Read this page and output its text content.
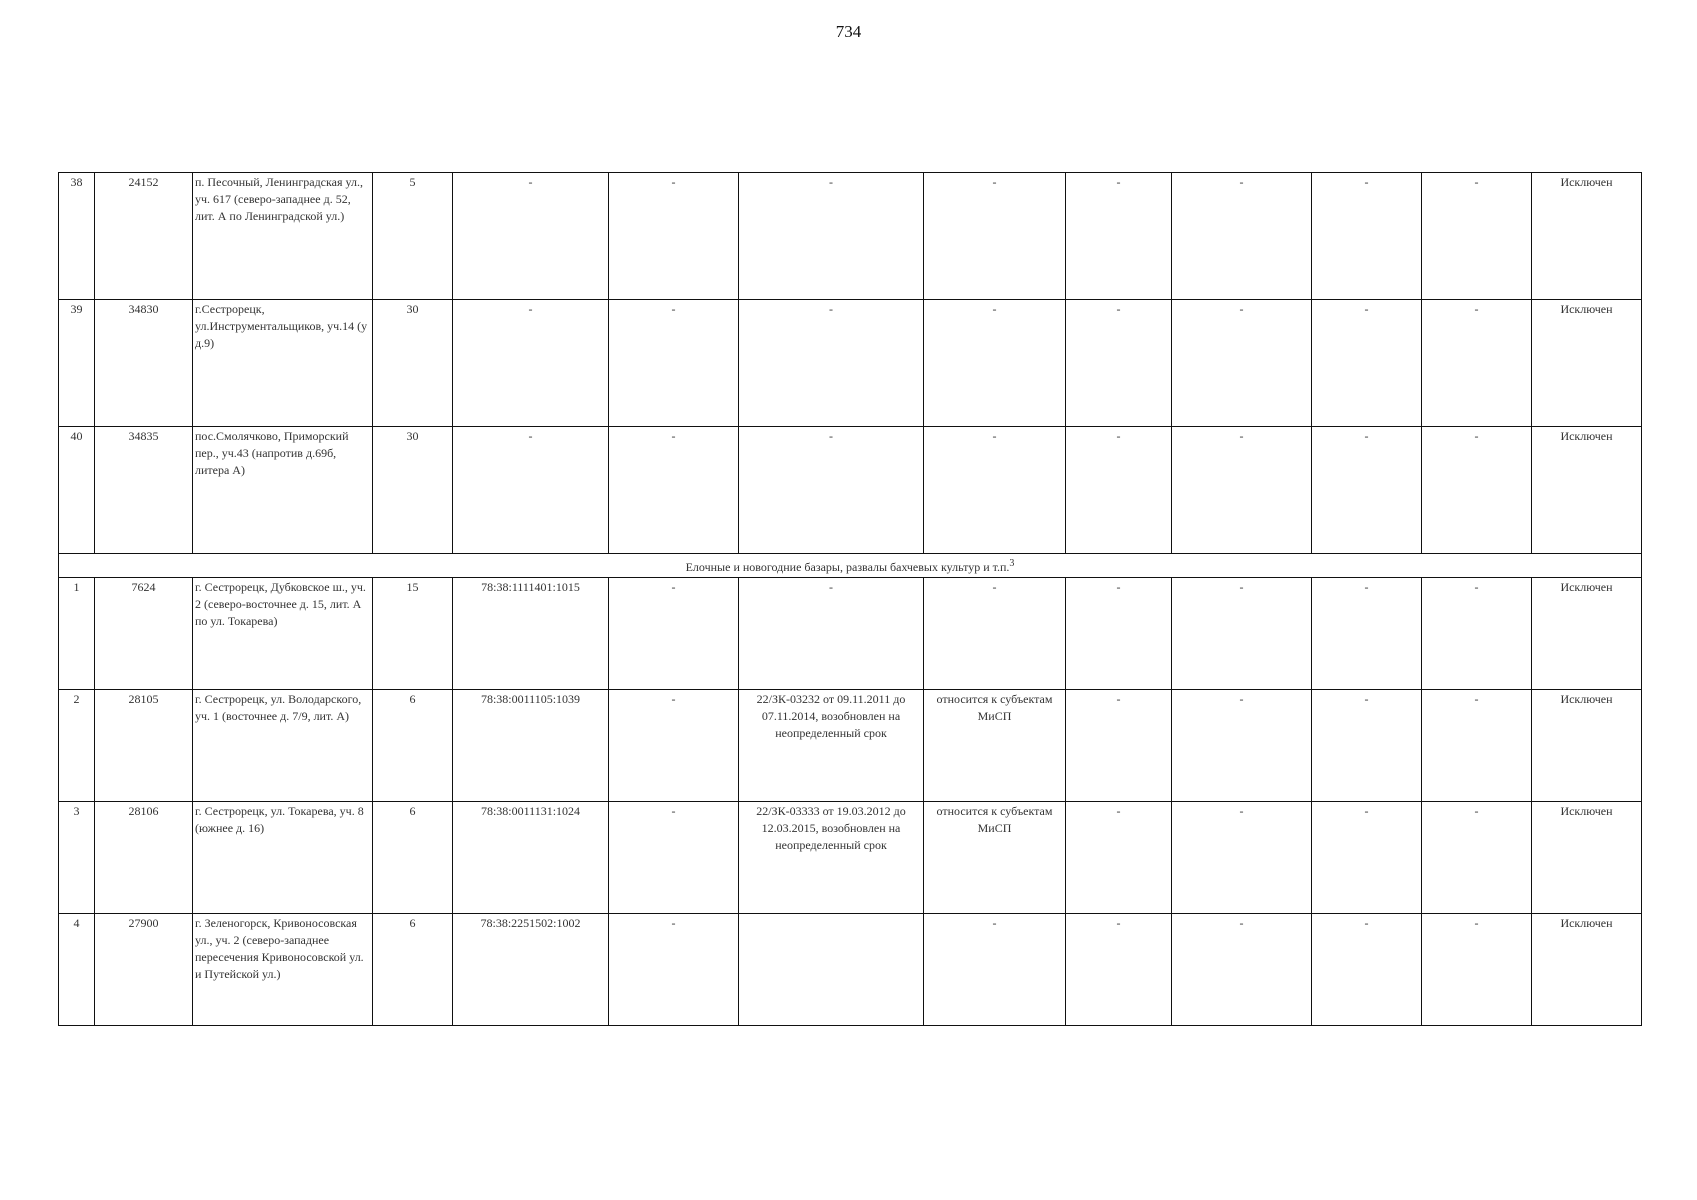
734
38	24152	п. Песочный, Ленинградская ул., уч. 617 (северо-западнее д. 52, лит. А по Ленинградской ул.)	5	-	-	-	-	-	-	-	-	Исключен
39	34830	г.Сестрорецк, ул.Инструментальщиков, уч.14 (у д.9)	30	-	-	-	-	-	-	-	-	Исключен
40	34835	пос.Смолячково, Приморский пер., уч.43 (напротив д.69б, литера А)	30	-	-	-	-	-	-	-	-	Исключен
Елочные и новогодние базары, развалы бахчевых культур и т.п.$^3$
1	7624	г. Сестрорецк, Дубковское ш., уч. 2 (северо-восточнее д. 15, лит. А по ул. Токарева)	15	78:38:1111401:1015	-	-	-	-	-	-	-	Исключен
2	28105	г. Сестрорецк, ул. Володарского, уч. 1 (восточнее д. 7/9, лит. А)	6	78:38:0011105:1039	-	22/ЗК-03232 от 09.11.2011 до 07.11.2014, возобновлен на неопределенный срок	относится к субъектам МиСП	-	-	-	-	Исключен
3	28106	г. Сестрорецк, ул. Токарева, уч. 8 (южнее д. 16)	6	78:38:0011131:1024	-	22/ЗК-03333 от 19.03.2012 до 12.03.2015, возобновлен на неопределенный срок	относится к субъектам МиСП	-	-	-	-	Исключен
4	27900	г. Зеленогорск, Кривоносовская ул., уч. 2 (северо-западнее пересечения Кривоносовской ул. и Путейской ул.)	6	78:38:2251502:1002	-		-	-	-	-	-	Исключен
